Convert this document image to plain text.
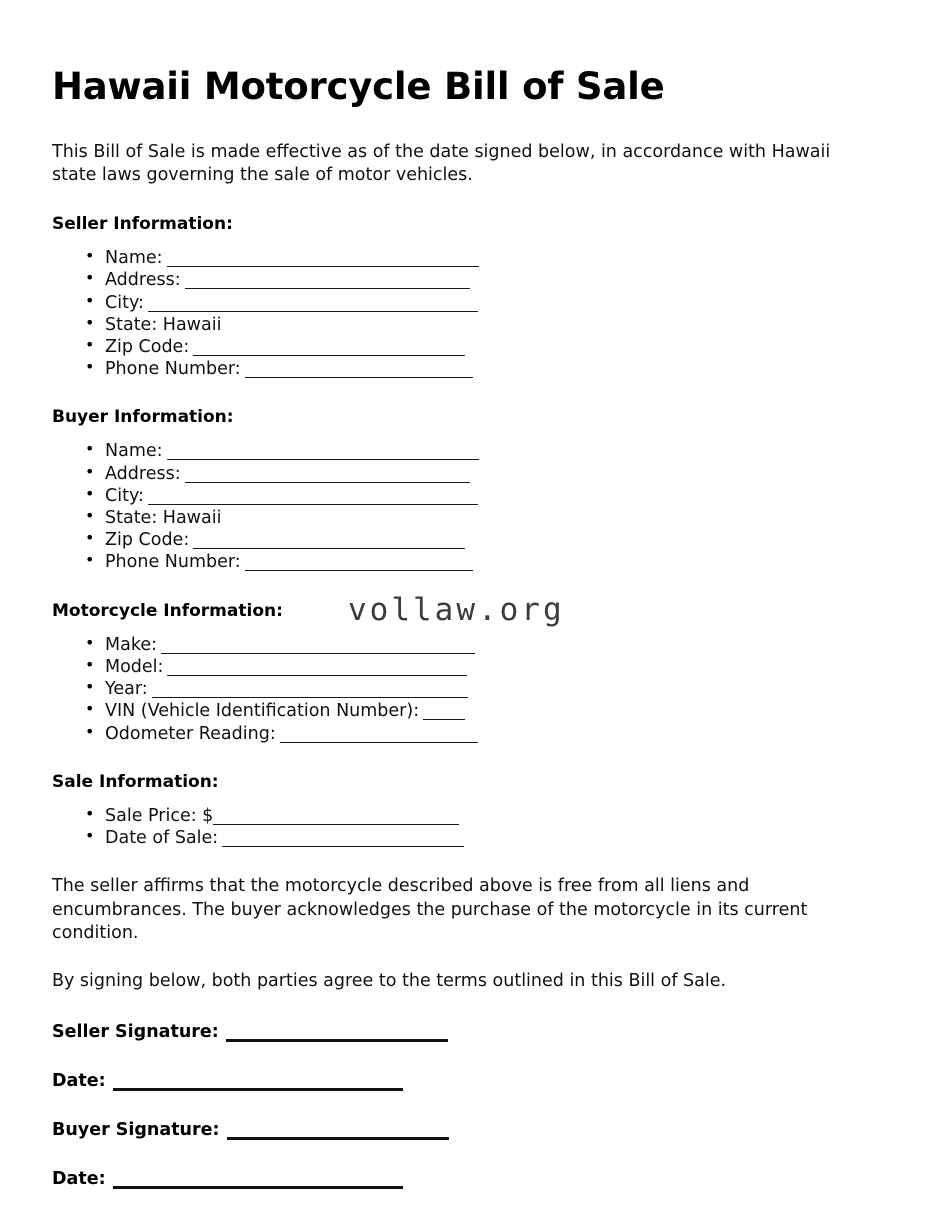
Hawaii Motorcycle Bill of Sale

This Bill of Sale is made effective as of the date signed below, in accordance with Hawaii state laws governing the sale of motor vehicles.

Seller Information:
• Name:
• Address:
• City:
• State: Hawaii
• Zip Code:
• Phone Number:
Buyer Information:
• Name:
• Address:
• City:
• State: Hawaii
• Zip Code:
• Phone Number:
Motorcycle Information:
• Make:
• Model:
• Year:
• VIN (Vehicle Identification Number):
• Odometer Reading:
Sale Information:
• Sale Price: $
• Date of Sale:

The seller affirms that the motorcycle described above is free from all liens and encumbrances. The buyer acknowledges the purchase of the motorcycle in its current condition.

By signing below, both parties agree to the terms outlined in this Bill of Sale.

Seller Signature:
Date:
Buyer Signature:
Date:
vollaw.org
